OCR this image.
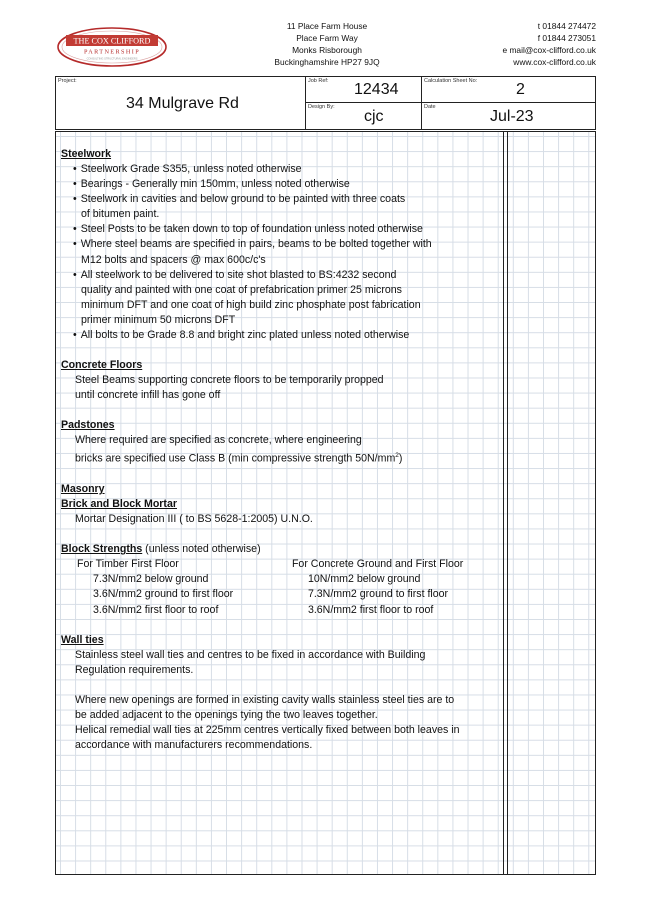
THE COX CLIFFORD
PARTNERSHIP
CONSULTING STRUCTURAL ENGINEERS
11 Place Farm House
Place Farm Way
Monks Risborough
Buckinghamshire HP27 9JQ
t 01844 274472
f 01844 273051
e mail@cox-clifford.co.uk
www.cox-clifford.co.uk
Project:
34 Mulgrave Rd
Job Ref: 12434
Design By:
cjc
Calculation Sheet No: 2
Date
Jul-23

Steelwork

• Steelwork Grade S355, unless noted otherwise

• Bearings - Generally min 150mm, unless noted otherwise

• Steelwork in cavities and below ground to be painted with three coats

of bitumen paint.

• Steel Posts to be taken down to top of foundation unless noted otherwise

• Where steel beams are specified in pairs, beams to be bolted together with

M12 bolts and spacers @ max 600c/c's

• All steelwork to be delivered to site shot blasted to BS:4232 second

quality and painted with one coat of prefabrication primer 25 microns

minimum DFT and one coat of high build zinc phosphate post fabrication

primer minimum 50 microns DFT

• All bolts to be Grade 8.8 and bright zinc plated unless noted otherwise

Concrete Floors

Steel Beams supporting concrete floors to be temporarily propped

until concrete infill has gone off

Padstones

Where required are specified as concrete, where engineering

bricks are specified use Class B (min compressive strength $50N/mm^2$)

Masonry

Brick and Block Mortar

Mortar Designation III ( to BS 5628-1:2005) U.N.O.

Block Strengths (unless noted otherwise)

For Timber First Floor

7.3N/mm2 below ground

3.6N/mm2 ground to first floor

3.6N/mm2 first floor to roof

For Concrete Ground and First Floor

10N/mm2 below ground

7.3N/mm2 ground to first floor

3.6N/mm2 first floor to roof

Wall ties

Stainless steel wall ties and centres to be fixed in accordance with Building

Regulation requirements.

Where new openings are formed in existing cavity walls stainless steel ties are to

be added adjacent to the openings tying the two leaves together.

Helical remedial wall ties at 225mm centres vertically fixed between both leaves in

accordance with manufacturers recommendations.
